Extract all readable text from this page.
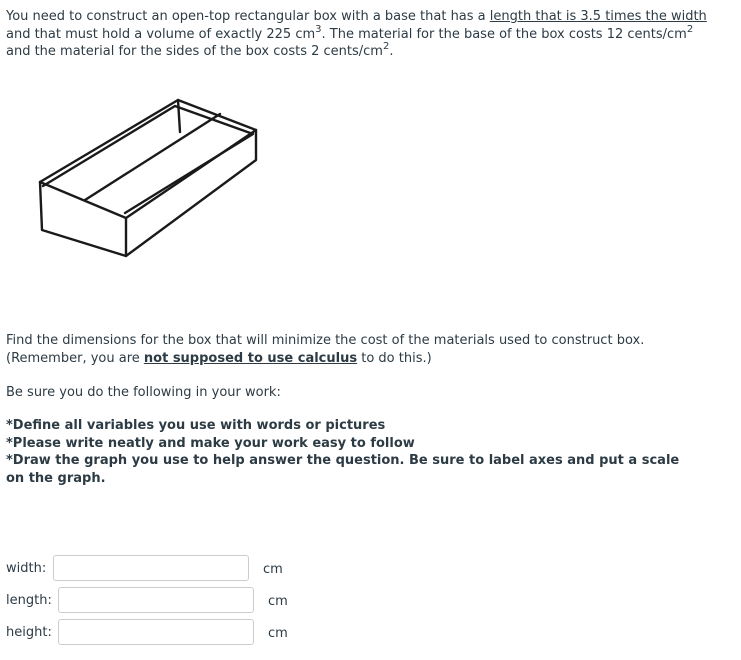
You need to construct an open-top rectangular box with a base that has a length that is 3.5 times the width
and that must hold a volume of exactly 225 $cm^3$. The material for the base of the box costs 12 cents/$cm^2$
and the material for the sides of the box costs 2 cents/$cm^2$.

Find the dimensions for the box that will minimize the cost of the materials used to construct box.
(Remember, you are not supposed to use calculus to do this.)

Be sure you do the following in your work:

*Define all variables you use with words or pictures
*Please write neatly and make your work easy to follow
*Draw the graph you use to help answer the question. Be sure to label axes and put a scale on the graph.

width:	cm
length:	cm
height:	cm
